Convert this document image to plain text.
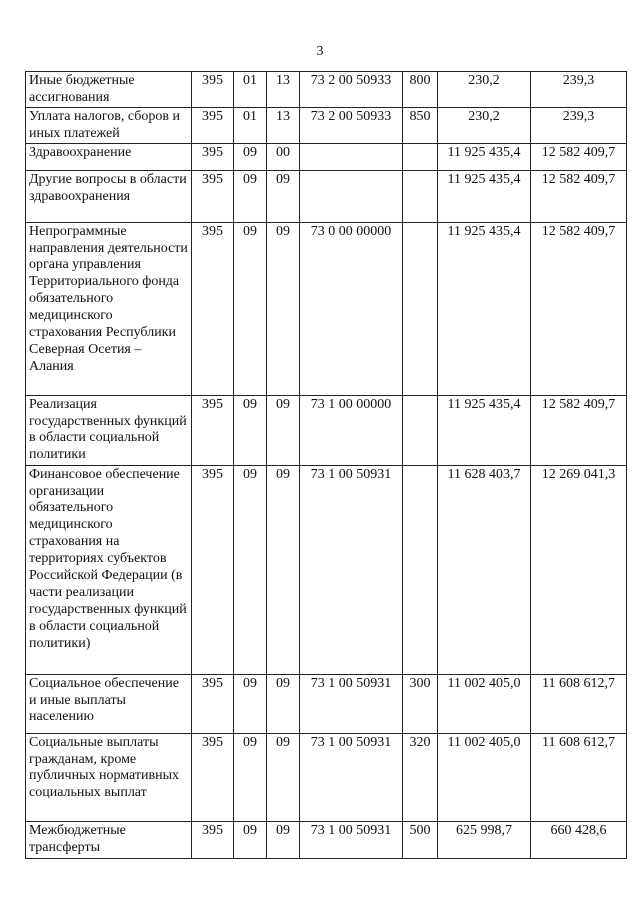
3
Иные бюджетные ассигнования	395	01	13	73 2 00 50933	800	230,2	239,3
Уплата налогов, сборов и иных платежей	395	01	13	73 2 00 50933	850	230,2	239,3
Здравоохранение	395	09	00			11 925 435,4	12 582 409,7
Другие вопросы в области здравоохранения	395	09	09			11 925 435,4	12 582 409,7
Непрограммные направления деятельности органа управления Территориального фонда обязательного медицинского страхования Республики Северная Осетия – Алания	395	09	09	73 0 00 00000		11 925 435,4	12 582 409,7
Реализация государственных функций в области социальной политики	395	09	09	73 1 00 00000		11 925 435,4	12 582 409,7
Финансовое обеспечение организации обязательного медицинского страхования на территориях субъектов Российской Федерации (в части реализации государственных функций в области социальной политики)	395	09	09	73 1 00 50931		11 628 403,7	12 269 041,3
Социальное обеспечение и иные выплаты населению	395	09	09	73 1 00 50931	300	11 002 405,0	11 608 612,7
Социальные выплаты гражданам, кроме публичных нормативных социальных выплат	395	09	09	73 1 00 50931	320	11 002 405,0	11 608 612,7
Межбюджетные трансферты	395	09	09	73 1 00 50931	500	625 998,7	660 428,6
